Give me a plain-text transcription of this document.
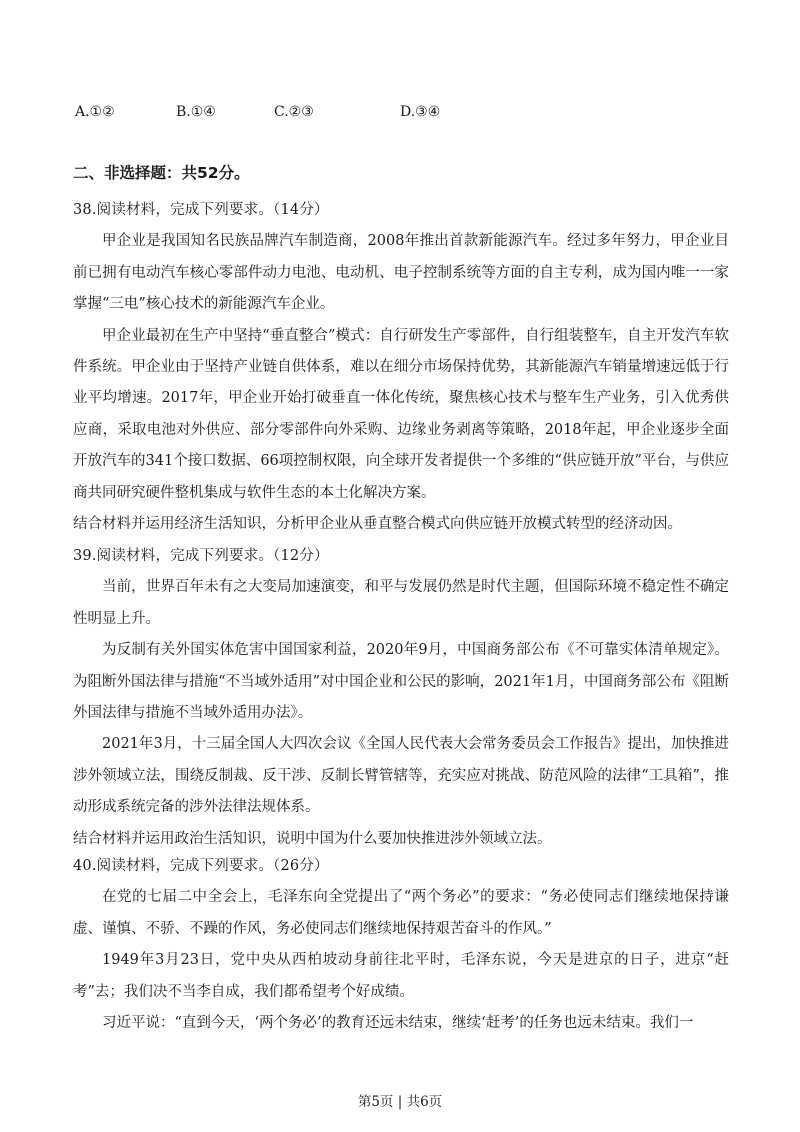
A.①②	B.①④	C.②③	D.③④
二、非选择题：共52分。

38.阅读材料，完成下列要求。（14分）

甲企业是我国知名民族品牌汽车制造商，2008年推出首款新能源汽车。经过多年努力，甲企业目前已拥有电动汽车核心零部件动力电池、电动机、电子控制系统等方面的自主专利，成为国内唯一一家掌握“三电”核心技术的新能源汽车企业。

甲企业最初在生产中坚持“垂直整合”模式：自行研发生产零部件，自行组装整车，自主开发汽车软件系统。甲企业由于坚持产业链自供体系，难以在细分市场保持优势，其新能源汽车销量增速远低于行业平均增速。2017年，甲企业开始打破垂直一体化传统，聚焦核心技术与整车生产业务，引入优秀供应商，采取电池对外供应、部分零部件向外采购、边缘业务剥离等策略，2018年起，甲企业逐步全面开放汽车的341个接口数据、66项控制权限，向全球开发者提供一个多维的“供应链开放”平台，与供应商共同研究硬件整机集成与软件生态的本土化解决方案。

结合材料并运用经济生活知识，分析甲企业从垂直整合模式向供应链开放模式转型的经济动因。

39.阅读材料，完成下列要求。（12分）

当前，世界百年未有之大变局加速演变，和平与发展仍然是时代主题，但国际环境不稳定性不确定性明显上升。

为反制有关外国实体危害中国国家利益，2020年9月，中国商务部公布《不可靠实体清单规定》。为阻断外国法律与措施“不当域外适用”对中国企业和公民的影响，2021年1月，中国商务部公布《阻断外国法律与措施不当域外适用办法》。

2021年3月，十三届全国人大四次会议《全国人民代表大会常务委员会工作报告》提出，加快推进涉外领域立法，围绕反制裁、反干涉、反制长臂管辖等，充实应对挑战、防范风险的法律“工具箱”，推动形成系统完备的涉外法律法规体系。

结合材料并运用政治生活知识，说明中国为什么要加快推进涉外领域立法。

40.阅读材料，完成下列要求。（26分）

在党的七届二中全会上，毛泽东向全党提出了“两个务必”的要求：“务必使同志们继续地保持谦虚、谨慎、不骄、不躁的作风，务必使同志们继续地保持艰苦奋斗的作风。”

1949年3月23日，党中央从西柏坡动身前往北平时，毛泽东说，今天是进京的日子，进京“赶考”去；我们决不当李自成，我们都希望考个好成绩。

习近平说：“直到今天，‘两个务必’的教育还远未结束，继续‘赶考’的任务也远未结束。我们一

第5页 | 共6页
